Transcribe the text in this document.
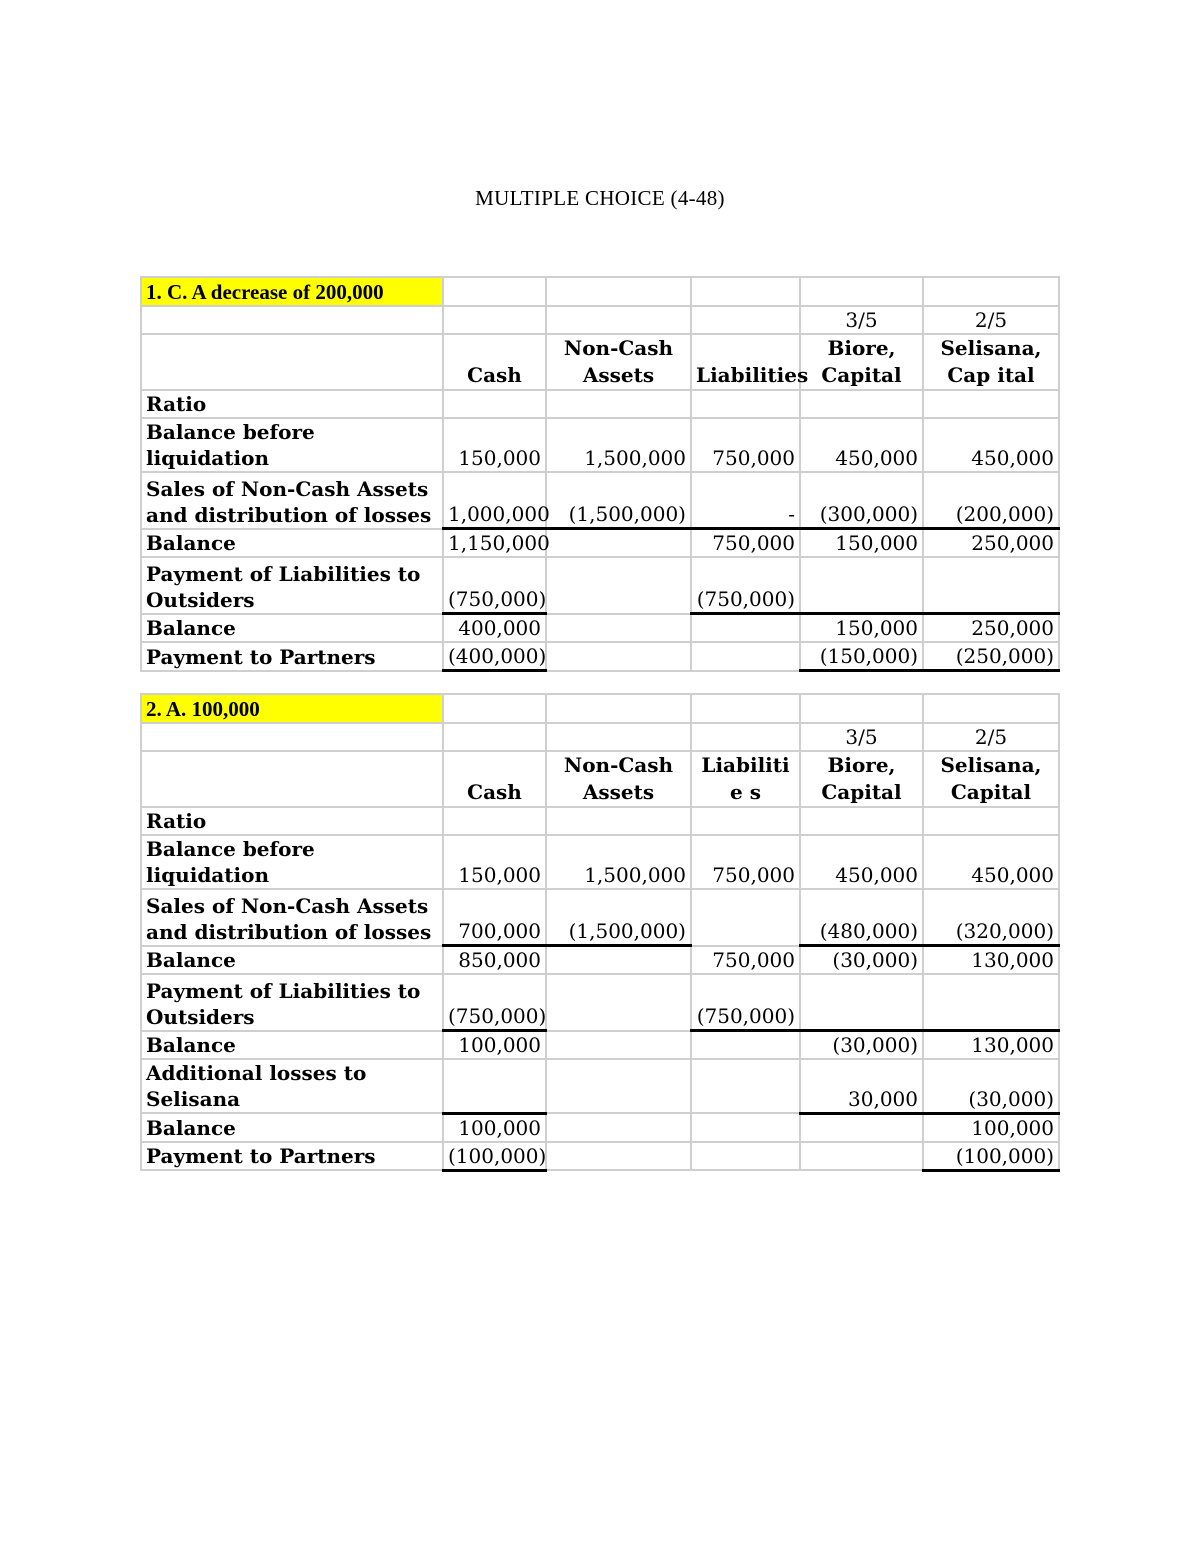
MULTIPLE CHOICE (4-48)
1. C. A decrease of 200,000					
				3/5	2/5
	Cash	Non-Cash Assets	Liabilities	Biore, Capital	Selisana, Cap ital
Ratio					
Balance before liquidation	150,000	1,500,000	750,000	450,000	450,000
Sales of Non-Cash Assets and distribution of losses	1,000,000	(1,500,000)	-	(300,000)	(200,000)
Balance	1,150,000		750,000	150,000	250,000
Payment of Liabilities to Outsiders	(750,000)		(750,000)		
Balance	400,000			150,000	250,000
Payment to Partners	(400,000)			(150,000)	(250,000)
2. A. 100,000					
				3/5	2/5
	Cash	Non-Cash Assets	Liabilitie s	Biore, Capital	Selisana, Capital
Ratio					
Balance before liquidation	150,000	1,500,000	750,000	450,000	450,000
Sales of Non-Cash Assets and distribution of losses	700,000	(1,500,000)		(480,000)	(320,000)
Balance	850,000		750,000	(30,000)	130,000
Payment of Liabilities to Outsiders	(750,000)		(750,000)		
Balance	100,000			(30,000)	130,000
Additional losses to Selisana				30,000	(30,000)
Balance	100,000				100,000
Payment to Partners	(100,000)				(100,000)
